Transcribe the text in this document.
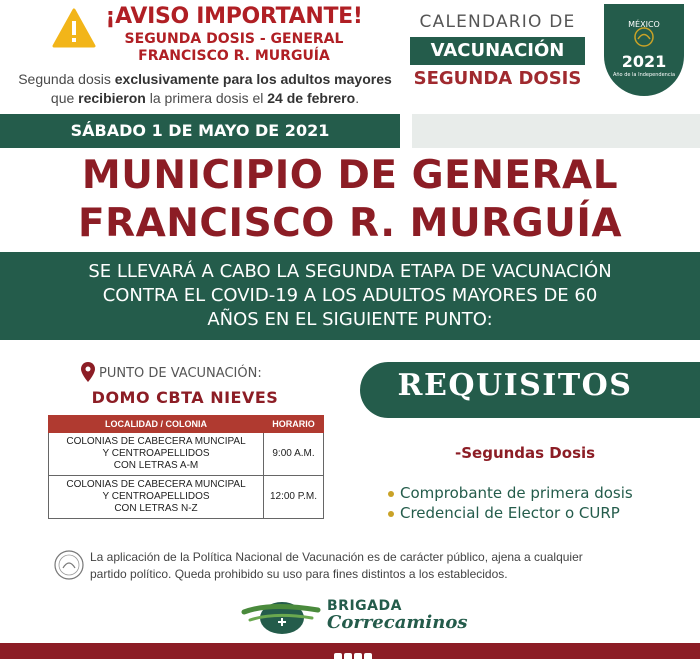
¡AVISO IMPORTANTE!
SEGUNDA DOSIS - GENERAL
FRANCISCO R. MURGUÍA
Segunda dosis exclusivamente para los adultos mayores
que recibieron la primera dosis el 24 de febrero.
CALENDARIO DE
VACUNACIÓN
SEGUNDA DOSIS
MÉXICO
2021
Año de la Independencia
SÁBADO 1 DE MAYO DE 2021
MUNICIPIO DE GENERAL
FRANCISCO R. MURGUÍA
SE LLEVARÁ A CABO LA SEGUNDA ETAPA DE VACUNACIÓN
CONTRA EL COVID-19 A LOS ADULTOS MAYORES DE 60
AÑOS EN EL SIGUIENTE PUNTO:
PUNTO DE VACUNACIÓN:
DOMO CBTA NIEVES
LOCALIDAD / COLONIA	HORARIO

COLONIAS DE CABECERA MUNCIPAL
Y CENTROAPELLIDOS
CON LETRAS A-M	9:00 A.M.

COLONIAS DE CABECERA MUNCIPAL
Y CENTROAPELLIDOS
CON LETRAS N-Z	12:00 P.M.
REQUISITOS
-Segundas Dosis
Comprobante de primera dosis
Credencial de Elector o CURP
La aplicación de la Política Nacional de Vacunación es de carácter público, ajena a cualquier
partido político. Queda prohibido su uso para fines distintos a los establecidos.
BRIGADA
Correcaminos
